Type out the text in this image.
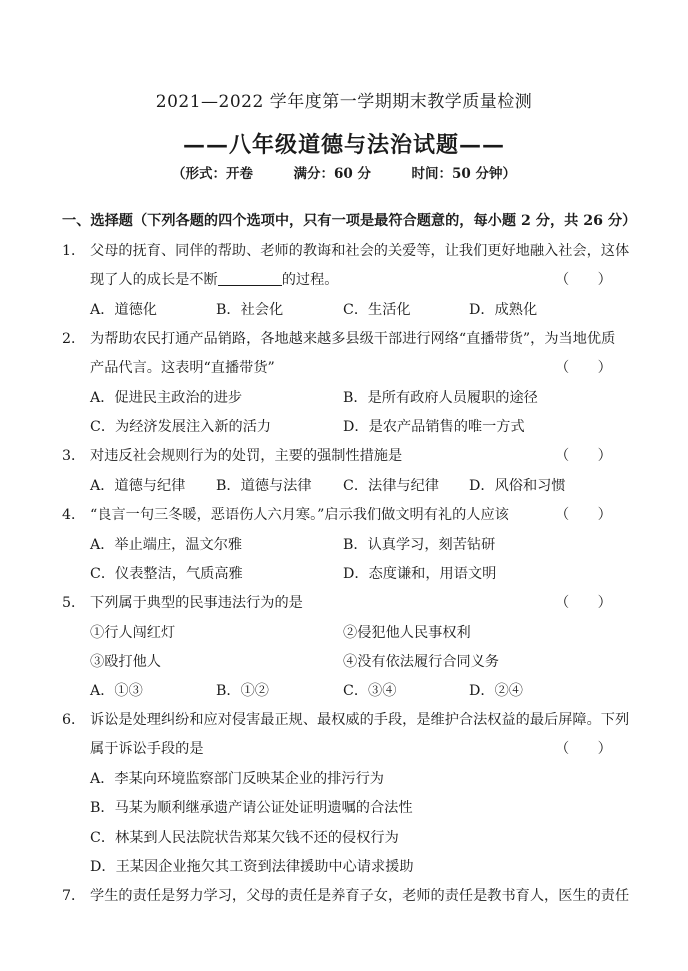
2021—2022 学年度第一学期期末教学质量检测
——八年级道德与法治试题——
（形式：开卷　　　满分：60 分　　　时间：50 分钟）
一、选择题（下列各题的四个选项中，只有一项是最符合题意的，每小题 2 分，共 26 分）
1． 父母的抚育、同伴的帮助、老师的教诲和社会的关爱等，让我们更好地融入社会，这体
现了人的成长是不断	的过程。	（　　）
A．道德化	B．社会化	C．生活化	D．成熟化
2． 为帮助农民打通产品销路，各地越来越多县级干部进行网络“直播带货”，为当地优质
产品代言。这表明“直播带货”	（　　）
A．促进民主政治的进步	B．是所有政府人员履职的途径
C．为经济发展注入新的活力	D．是农产品销售的唯一方式
3． 对违反社会规则行为的处罚，主要的强制性措施是	（　　）
A．道德与纪律 B．道德与法律 C．法律与纪律 D．风俗和习惯
4． “良言一句三冬暖，恶语伤人六月寒。”启示我们做文明有礼的人应该	（　　）
A．举止端庄，温文尔雅	B．认真学习，刻苦钻研
C．仪表整洁，气质高雅	D．态度谦和，用语文明
5． 下列属于典型的民事违法行为的是	（　　）
①行人闯红灯	②侵犯他人民事权利
③殴打他人	④没有依法履行合同义务
A．①③	B．①②	C．③④	D．②④
6． 诉讼是处理纠纷和应对侵害最正规、最权威的手段，是维护合法权益的最后屏障。下列
属于诉讼手段的是	（　　）
A．李某向环境监察部门反映某企业的排污行为
B．马某为顺利继承遗产请公证处证明遗嘱的合法性
C．林某到人民法院状告郑某欠钱不还的侵权行为
D．王某因企业拖欠其工资到法律援助中心请求援助
7． 学生的责任是努力学习，父母的责任是养育子女，老师的责任是教书育人，医生的责任
